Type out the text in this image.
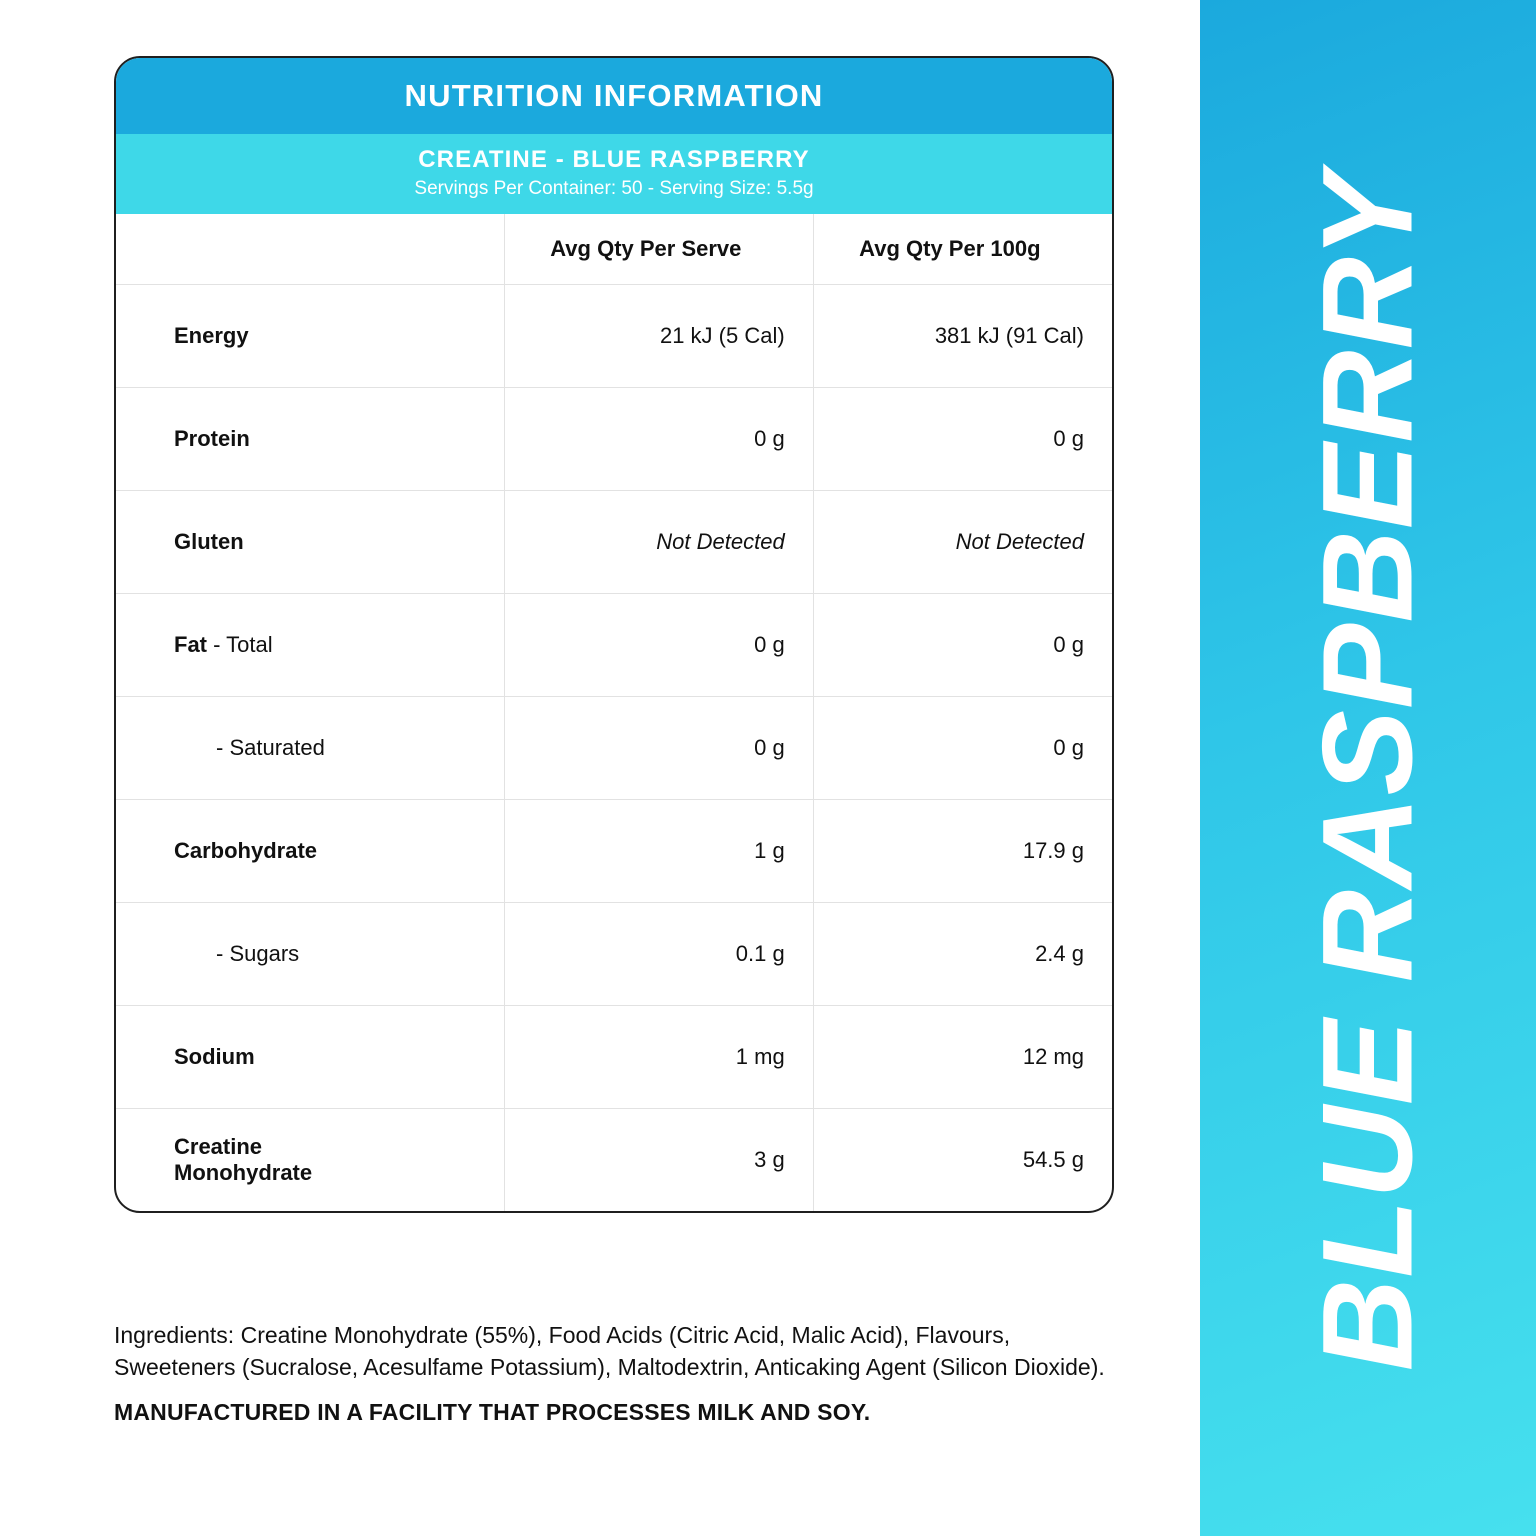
BLUE RASPBERRY
NUTRITION INFORMATION
CREATINE - BLUE RASPBERRY
Servings Per Container: 50 - Serving Size: 5.5g
	Avg Qty Per Serve	Avg Qty Per 100g
Energy	21 kJ (5 Cal)	381 kJ (91 Cal)
Protein	0 g	0 g
Gluten	Not Detected	Not Detected
Fat - Total	0 g	0 g
- Saturated	0 g	0 g
Carbohydrate	1 g	17.9 g
- Sugars	0.1 g	2.4 g
Sodium	1 mg	12 mg
Creatine
Monohydrate	3 g	54.5 g
Ingredients: Creatine Monohydrate (55%), Food Acids (Citric Acid, Malic Acid), Flavours, Sweeteners (Sucralose, Acesulfame Potassium), Maltodextrin, Anticaking Agent (Silicon Dioxide).
MANUFACTURED IN A FACILITY THAT PROCESSES MILK AND SOY.
